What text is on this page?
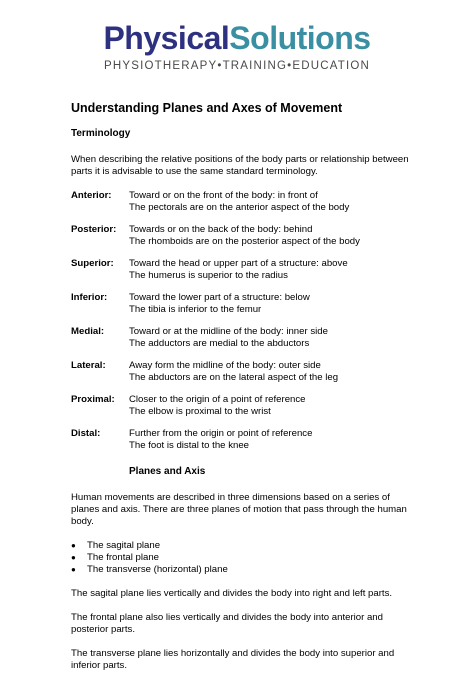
PhysicalSolutions
PHYSIOTHERAPY•TRAINING•EDUCATION
Understanding Planes and Axes of Movement
Terminology
When describing the relative positions of the body parts or relationship between parts it is advisable to use the same standard terminology.
Anterior:	Toward or on the front of the body: in front of
The pectorals are on the anterior aspect of the body
Posterior:	Towards or on the back of the body: behind
The rhomboids are on the posterior aspect of the body
Superior:	Toward the head or upper part of a structure: above
The humerus is superior to the radius
Inferior:	Toward the lower part of a structure: below
The tibia is inferior to the femur
Medial:	Toward or at the midline of the body: inner side
The adductors are medial to the abductors
Lateral:	Away form the midline of the body: outer side
The abductors are on the lateral aspect of the leg
Proximal:	Closer to the origin of a point of reference
The elbow is proximal to the wrist
Distal:	Further from the origin or point of reference
The foot is distal to the knee
Planes and Axis
Human movements are described in three dimensions based on a series of planes and axis. There are three planes of motion that pass through the human body.
●	The sagital plane
●	The frontal plane
●	The transverse (horizontal) plane
The sagital plane lies vertically and divides the body into right and left parts.
The frontal plane also lies vertically and divides the body into anterior and posterior parts.
The transverse plane lies horizontally and divides the body into superior and inferior parts.
